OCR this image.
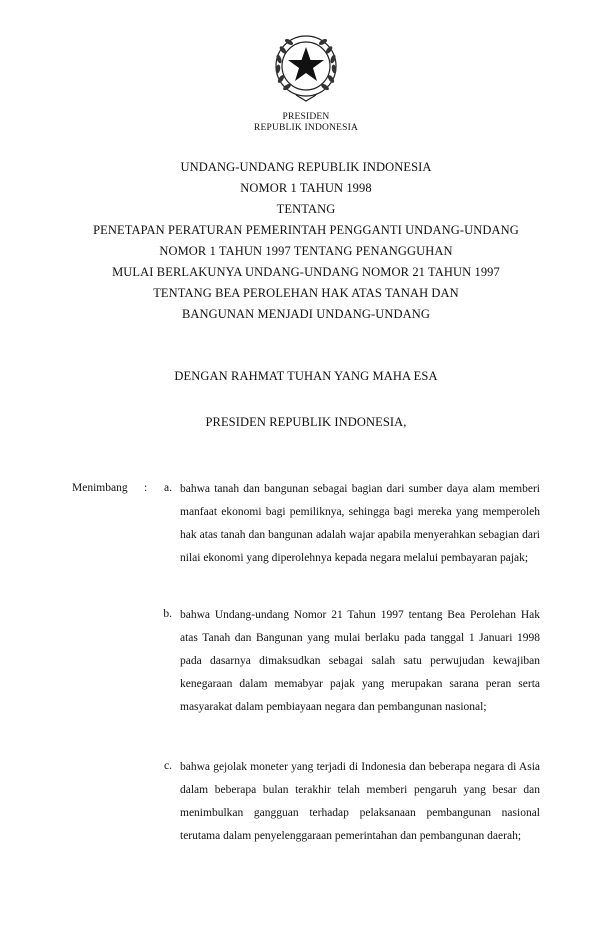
PRESIDEN
REPUBLIK INDONESIA
UNDANG-UNDANG REPUBLIK INDONESIA
NOMOR 1 TAHUN 1998
TENTANG
PENETAPAN PERATURAN PEMERINTAH PENGGANTI UNDANG-UNDANG
NOMOR 1 TAHUN 1997 TENTANG PENANGGUHAN
MULAI BERLAKUNYA UNDANG-UNDANG NOMOR 21 TAHUN 1997
TENTANG BEA PEROLEHAN HAK ATAS TANAH DAN
BANGUNAN MENJADI UNDANG-UNDANG
DENGAN RAHMAT TUHAN YANG MAHA ESA
PRESIDEN REPUBLIK INDONESIA,
Menimbang :	a. bahwa tanah dan bangunan sebagai bagian dari sumber daya alam memberi manfaat ekonomi bagi pemiliknya, sehingga bagi mereka yang memperoleh hak atas tanah dan bangunan adalah wajar apabila menyerahkan sebagian dari nilai ekonomi yang diperolehnya kepada negara melalui pembayaran pajak;
b. bahwa Undang-undang Nomor 21 Tahun 1997 tentang Bea Perolehan Hak atas Tanah dan Bangunan yang mulai berlaku pada tanggal 1 Januari 1998 pada dasarnya dimaksudkan sebagai salah satu perwujudan kewajiban kenegaraan dalam memabyar pajak yang merupakan sarana peran serta masyarakat dalam pembiayaan negara dan pembangunan nasional;
c. bahwa gejolak moneter yang terjadi di Indonesia dan beberapa negara di Asia dalam beberapa bulan terakhir telah memberi pengaruh yang besar dan menimbulkan gangguan terhadap pelaksanaan pembangunan nasional terutama dalam penyelenggaraan pemerintahan dan pembangunan daerah;
